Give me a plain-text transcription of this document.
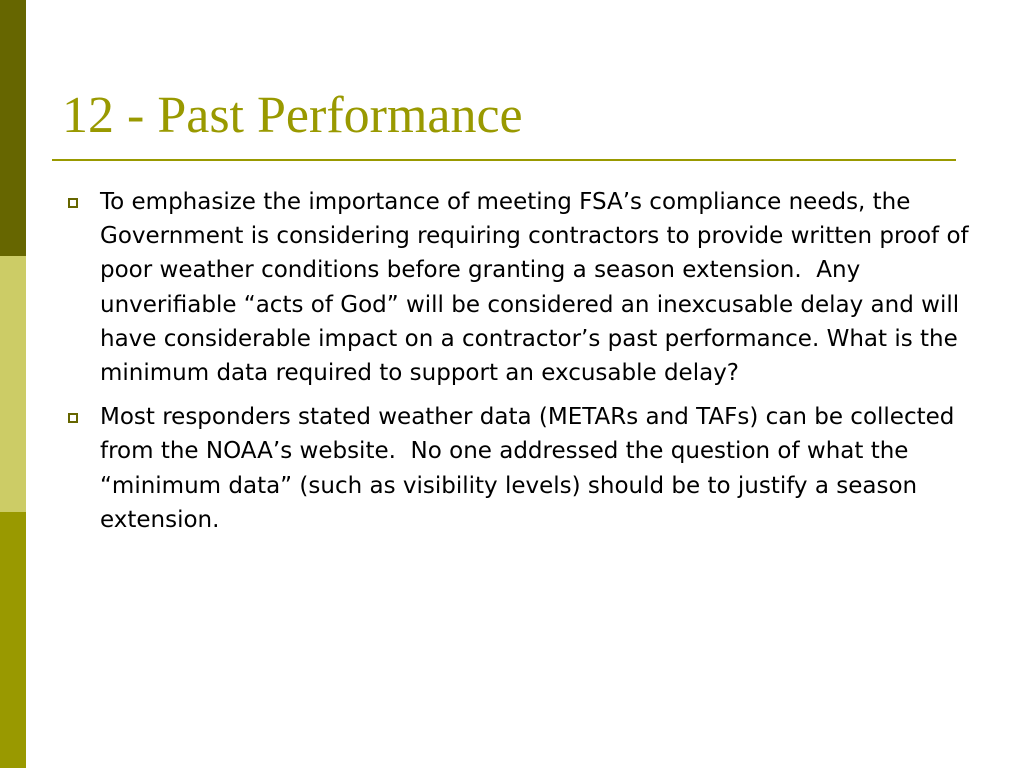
12 - Past Performance
To emphasize the importance of meeting FSA’s compliance needs, the Government is considering requiring contractors to provide written proof of poor weather conditions before granting a season extension.  Any unverifiable “acts of God” will be considered an inexcusable delay and will have considerable impact on a contractor’s past performance. What is the minimum data required to support an excusable delay?
Most responders stated weather data (METARs and TAFs) can be collected from the NOAA’s website.  No one addressed the question of what the “minimum data” (such as visibility levels) should be to justify a season extension.
